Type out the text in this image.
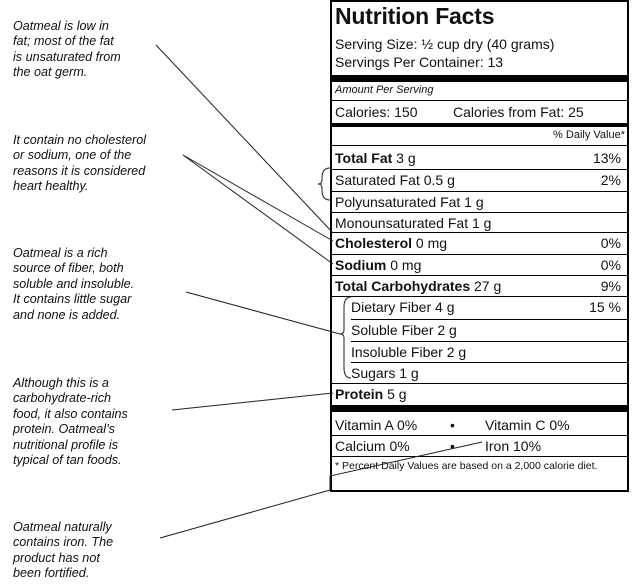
Oatmeal is low in
fat; most of the fat
is unsaturated from
the oat germ.
It contain no cholesterol
or sodium, one of the
reasons it is considered
heart healthy.
Oatmeal is a rich
source of fiber, both
soluble and insoluble.
It contains little sugar
and none is added.
Although this is a
carbohydrate-rich
food, it also contains
protein. Oatmeal’s
nutritional profile is
typical of tan foods.
Oatmeal naturally
contains iron. The
product has not
been fortified.
Nutrition Facts
Serving Size: ½ cup dry (40 grams)
Servings Per Container: 13
Amount Per Serving
Calories: 150	Calories from Fat: 25
% Daily Value*
Total Fat 3 g	13%
Saturated Fat 0.5 g	2%
Polyunsaturated Fat 1 g
Monounsaturated Fat 1 g
Cholesterol 0 mg	0%
Sodium 0 mg	0%
Total Carbohydrates 27 g	9%
Dietary Fiber 4 g	15 %
Soluble Fiber 2 g
Insoluble Fiber 2 g
Sugars 1 g
Protein 5 g
Vitamin A 0% • Vitamin C 0%
Calcium 0%	• Iron 10%
* Percent Daily Values are based on a 2,000 calorie diet.
